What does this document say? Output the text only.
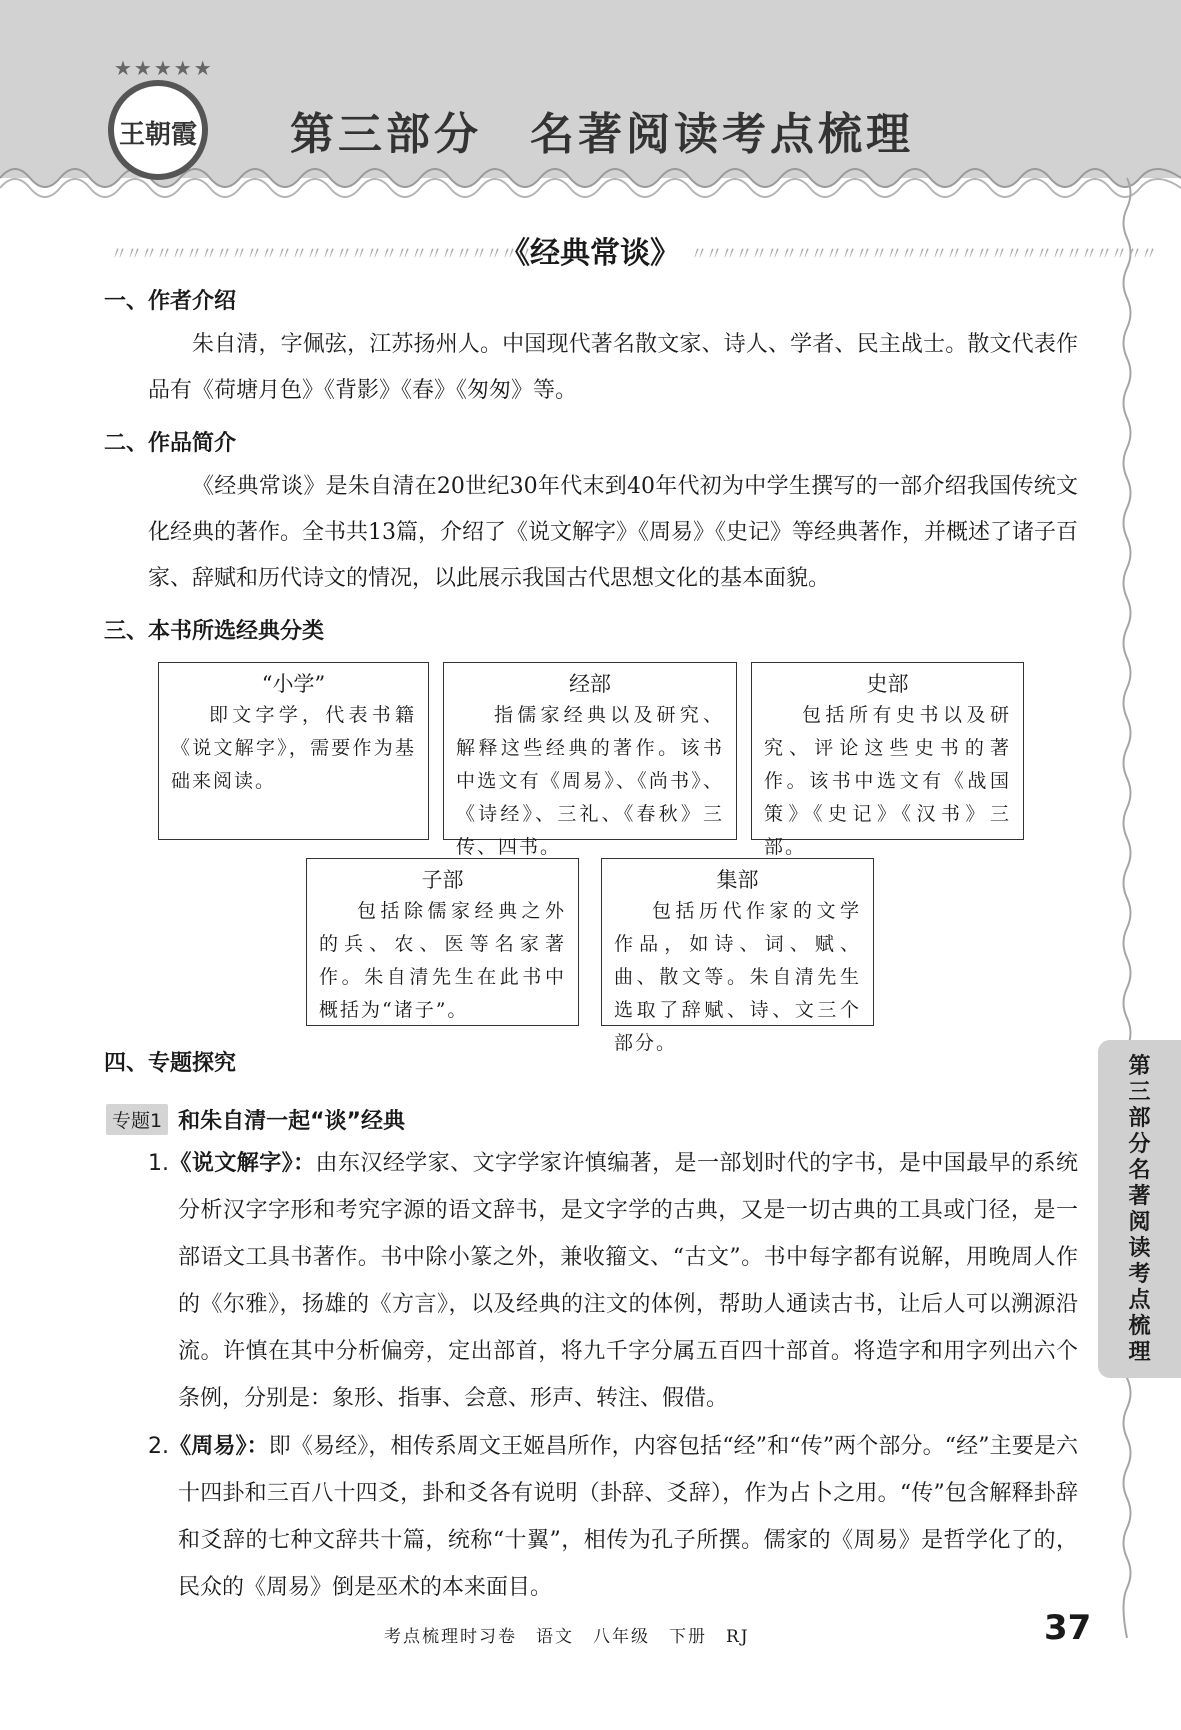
★★★★★
王朝霞 第三部分　名著阅读考点梳理
〃〃〃〃〃〃〃〃〃〃〃〃〃〃〃〃〃〃〃〃〃〃〃〃〃〃〃〃〃〃〃
《经典常谈》 〃〃〃〃〃〃〃〃〃〃〃〃〃〃〃〃〃〃〃〃〃〃〃〃〃〃〃〃〃〃〃
一、作者介绍
朱自清，字佩弦，江苏扬州人。中国现代著名散文家、诗人、学者、民主战士。散文代表作品有《荷塘月色》《背影》《春》《匆匆》等。
二、作品简介
《经典常谈》是朱自清在20世纪30年代末到40年代初为中学生撰写的一部介绍我国传统文化经典的著作。全书共13篇，介绍了《说文解字》《周易》《史记》等经典著作，并概述了诸子百家、辞赋和历代诗文的情况，以此展示我国古代思想文化的基本面貌。
三、本书所选经典分类
“小学”
即文字学，代表书籍《说文解字》，需要作为基础来阅读。
经部
指儒家经典以及研究、解释这些经典的著作。该书中选文有《周易》、《尚书》、《诗经》、三礼、《春秋》三传、四书。
史部
包括所有史书以及研究、评论这些史书的著作。该书中选文有《战国策》《史记》《汉书》三部。
子部
包括除儒家经典之外的兵、农、医等名家著作。朱自清先生在此书中概括为“诸子”。
集部
包括历代作家的文学作品，如诗、词、赋、曲、散文等。朱自清先生选取了辞赋、诗、文三个部分。
四、专题探究
专题1 和朱自清一起“谈”经典
1.《说文解字》：由东汉经学家、文字学家许慎编著，是一部划时代的字书，是中国最早的系统分析汉字字形和考究字源的语文辞书，是文字学的古典，又是一切古典的工具或门径，是一部语文工具书著作。书中除小篆之外，兼收籀文、“古文”。书中每字都有说解，用晚周人作的《尔雅》，扬雄的《方言》，以及经典的注文的体例，帮助人通读古书，让后人可以溯源沿流。许慎在其中分析偏旁，定出部首，将九千字分属五百四十部首。将造字和用字列出六个条例，分别是：象形、指事、会意、形声、转注、假借。
2.《周易》：即《易经》，相传系周文王姬昌所作，内容包括“经”和“传”两个部分。“经”主要是六十四卦和三百八十四爻，卦和爻各有说明（卦辞、爻辞），作为占卜之用。“传”包含解释卦辞和爻辞的七种文辞共十篇，统称“十翼”，相传为孔子所撰。儒家的《周易》是哲学化了的，民众的《周易》倒是巫术的本来面目。
第三部分　名著阅读考点梳理
考点梳理时习卷　语文　八年级　下册　RJ	37
